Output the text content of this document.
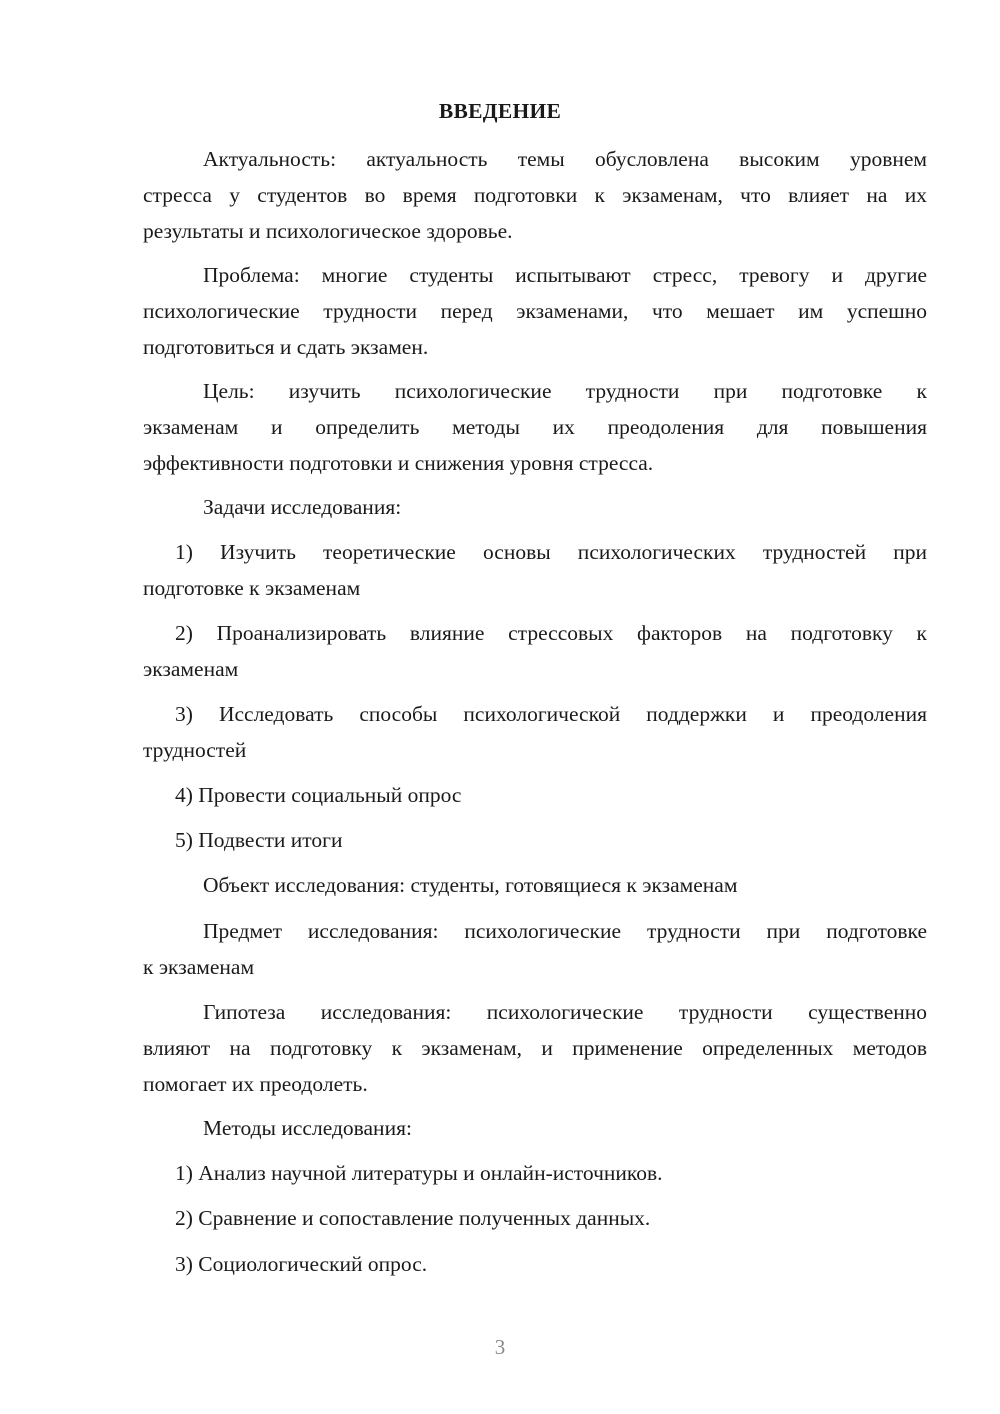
ВВЕДЕНИЕ
Актуальность: актуальность темы обусловлена высоким уровнем
стресса у студентов во время подготовки к экзаменам, что влияет на их
результаты и психологическое здоровье.
Проблема: многие студенты испытывают стресс, тревогу и другие
психологические трудности перед экзаменами, что мешает им успешно
подготовиться и сдать экзамен.
Цель: изучить психологические трудности при подготовке к
экзаменам и определить методы их преодоления для повышения
эффективности подготовки и снижения уровня стресса.
Задачи исследования:
1) Изучить теоретические основы психологических трудностей при
подготовке к экзаменам
2) Проанализировать влияние стрессовых факторов на подготовку к
экзаменам
3) Исследовать способы психологической поддержки и преодоления
трудностей
4) Провести социальный опрос
5) Подвести итоги
Объект исследования: студенты, готовящиеся к экзаменам
Предмет исследования: психологические трудности при подготовке
к экзаменам
Гипотеза исследования: психологические трудности существенно
влияют на подготовку к экзаменам, и применение определенных методов
помогает их преодолеть.
Методы исследования:
1) Анализ научной литературы и онлайн-источников.
2) Сравнение и сопоставление полученных данных.
3) Социологический опрос.
3
